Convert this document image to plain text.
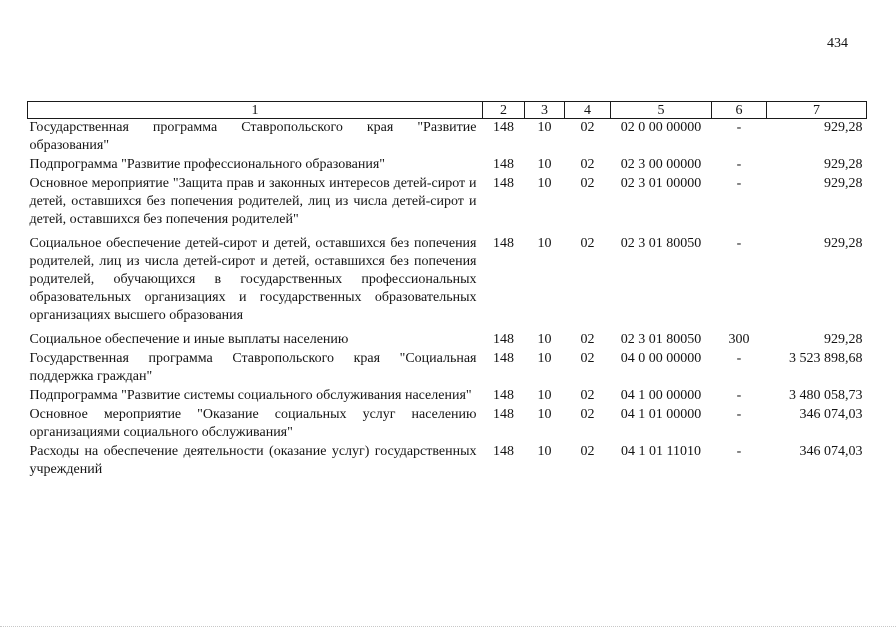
434
1	2	3	4	5	6	7
Государственная программа Ставропольского края "Развитие образования"	148	10	02	02 0 00 00000	-	929,28
Подпрограмма "Развитие профессионального образования"	148	10	02	02 3 00 00000	-	929,28
Основное мероприятие "Защита прав и законных интересов детей-сирот и детей, оставшихся без попечения родителей, лиц из числа детей-сирот и детей, оставшихся без попечения родителей"	148	10	02	02 3 01 00000	-	929,28
Социальное обеспечение детей-сирот и детей, оставшихся без попечения родителей, лиц из числа детей-сирот и детей, оставшихся без попечения родителей, обучающихся в государственных профессиональных образовательных организациях и государственных образовательных организациях высшего образования	148	10	02	02 3 01 80050	-	929,28
Социальное обеспечение и иные выплаты населению	148	10	02	02 3 01 80050	300	929,28
Государственная программа Ставропольского края "Социальная поддержка граждан"	148	10	02	04 0 00 00000	-	3 523 898,68
Подпрограмма "Развитие системы социального обслуживания населения"	148	10	02	04 1 00 00000	-	3 480 058,73
Основное мероприятие "Оказание социальных услуг населению организациями социального обслуживания"	148	10	02	04 1 01 00000	-	346 074,03
Расходы на обеспечение деятельности (оказание услуг) государственных учреждений	148	10	02	04 1 01 11010	-	346 074,03
